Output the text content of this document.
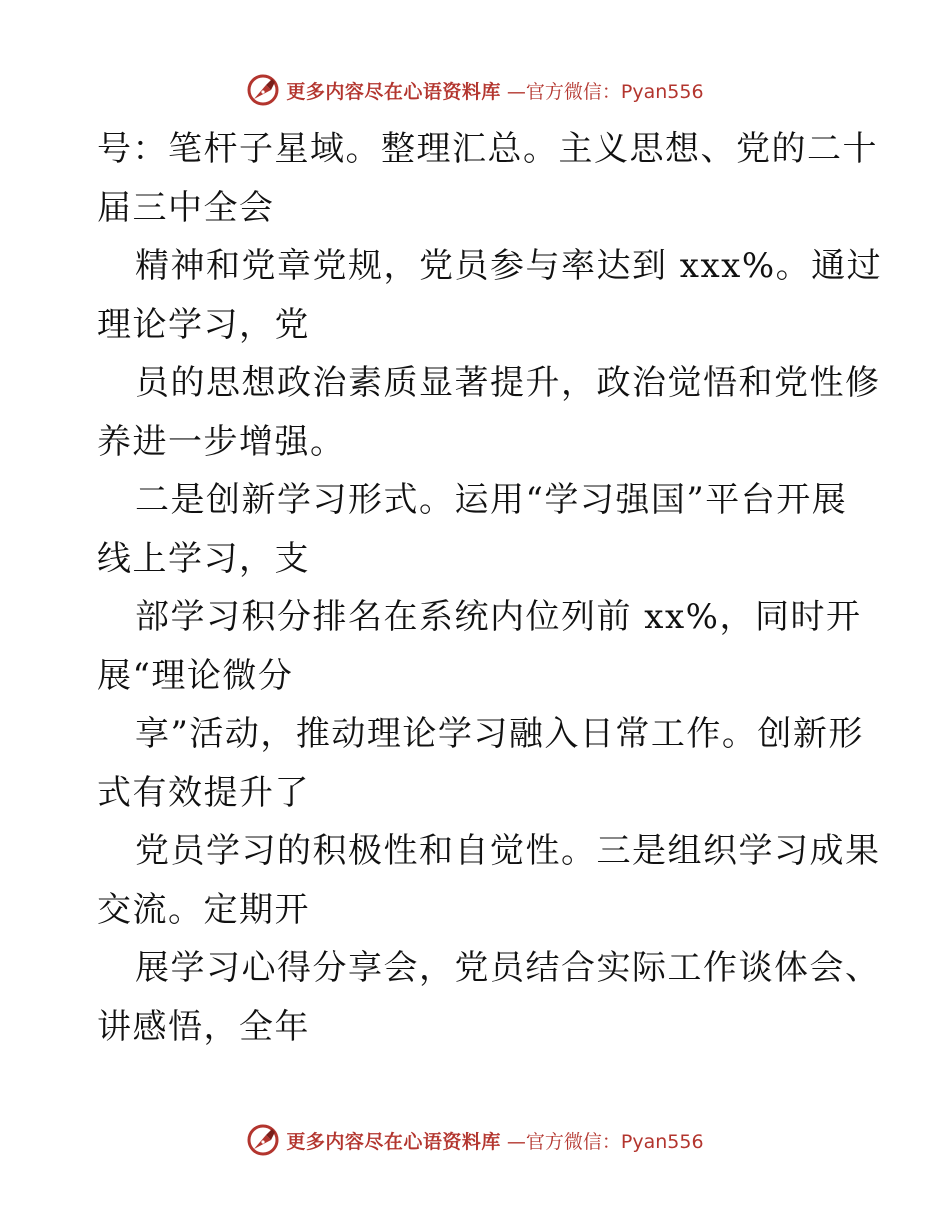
更多内容尽在心语资料库 —官方微信：Pyan556
号：笔杆子星域。整理汇总。主义思想、党的二十
届三中全会
精神和党章党规，党员参与率达到 xxx%。通过
理论学习，党
员的思想政治素质显著提升，政治觉悟和党性修
养进一步增强。
二是创新学习形式。运用“学习强国”平台开展
线上学习，支
部学习积分排名在系统内位列前 xx%，同时开
展“理论微分
享”活动，推动理论学习融入日常工作。创新形
式有效提升了
党员学习的积极性和自觉性。三是组织学习成果
交流。定期开
展学习心得分享会，党员结合实际工作谈体会、
讲感悟，全年
更多内容尽在心语资料库 —官方微信：Pyan556
